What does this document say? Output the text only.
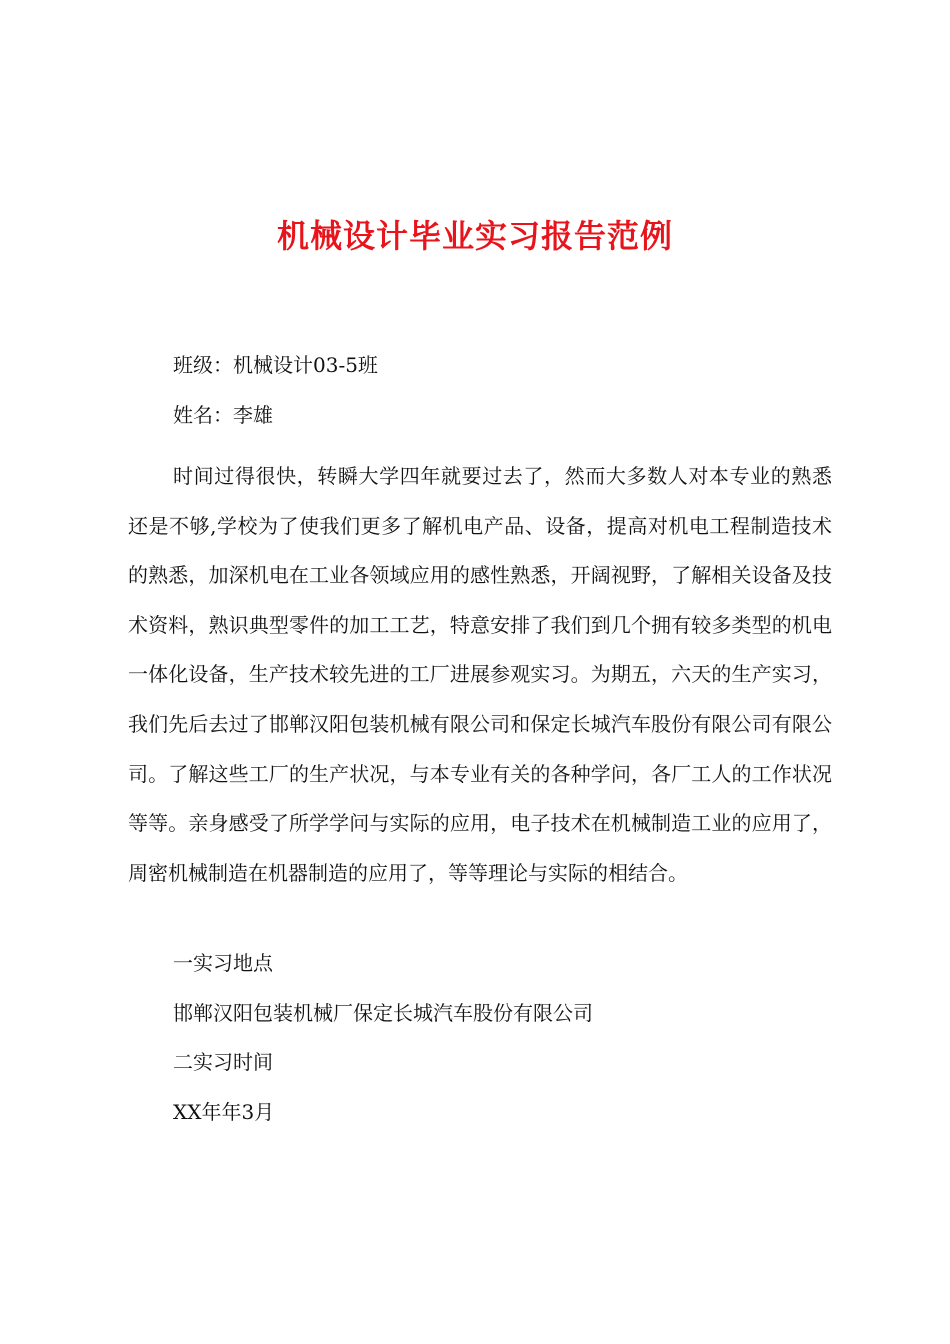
机械设计毕业实习报告范例

班级：机械设计03-5班

姓名：李雄

时间过得很快，转瞬大学四年就要过去了，然而大多数人对本专业的熟悉还是不够,学校为了使我们更多了解机电产品、设备，提高对机电工程制造技术的熟悉，加深机电在工业各领域应用的感性熟悉，开阔视野，了解相关设备及技术资料，熟识典型零件的加工工艺，特意安排了我们到几个拥有较多类型的机电一体化设备，生产技术较先进的工厂进展参观实习。为期五，六天的生产实习，我们先后去过了邯郸汉阳包装机械有限公司和保定长城汽车股份有限公司有限公司。了解这些工厂的生产状况，与本专业有关的各种学问，各厂工人的工作状况等等。亲身感受了所学学问与实际的应用，电子技术在机械制造工业的应用了，周密机械制造在机器制造的应用了，等等理论与实际的相结合。

一实习地点

邯郸汉阳包装机械厂保定长城汽车股份有限公司

二实习时间

XX年年3月
